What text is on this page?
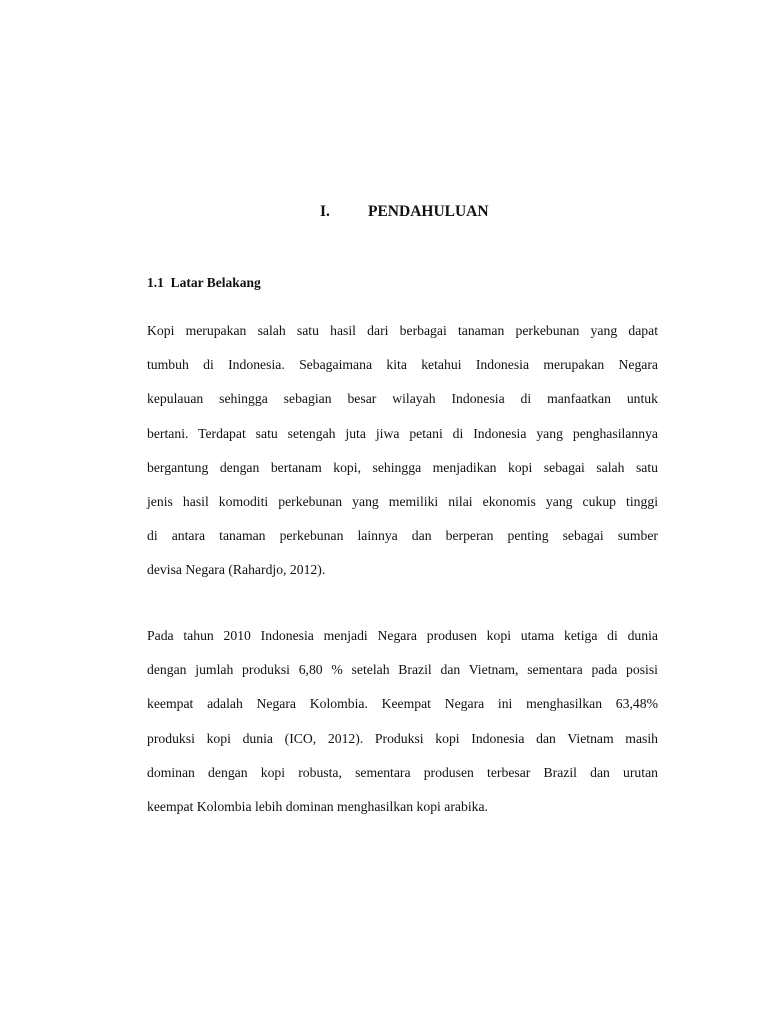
I. PENDAHULUAN
1.1  Latar Belakang
Kopi merupakan salah satu hasil dari berbagai tanaman perkebunan yang dapat
tumbuh di Indonesia. Sebagaimana kita ketahui Indonesia merupakan Negara
kepulauan sehingga sebagian besar wilayah Indonesia di manfaatkan untuk
bertani. Terdapat satu setengah juta jiwa petani di Indonesia yang penghasilannya
bergantung dengan bertanam kopi, sehingga menjadikan kopi sebagai salah satu
jenis hasil komoditi perkebunan yang memiliki nilai ekonomis yang cukup tinggi
di antara tanaman perkebunan lainnya dan berperan penting sebagai sumber
devisa Negara (Rahardjo, 2012).
Pada tahun 2010 Indonesia menjadi Negara produsen kopi utama ketiga di dunia
dengan jumlah produksi 6,80 % setelah Brazil dan Vietnam, sementara pada posisi
keempat adalah Negara Kolombia. Keempat Negara ini menghasilkan 63,48%
produksi kopi dunia (ICO, 2012). Produksi kopi Indonesia dan Vietnam masih
dominan dengan kopi robusta, sementara produsen terbesar Brazil dan urutan
keempat Kolombia lebih dominan menghasilkan kopi arabika.
